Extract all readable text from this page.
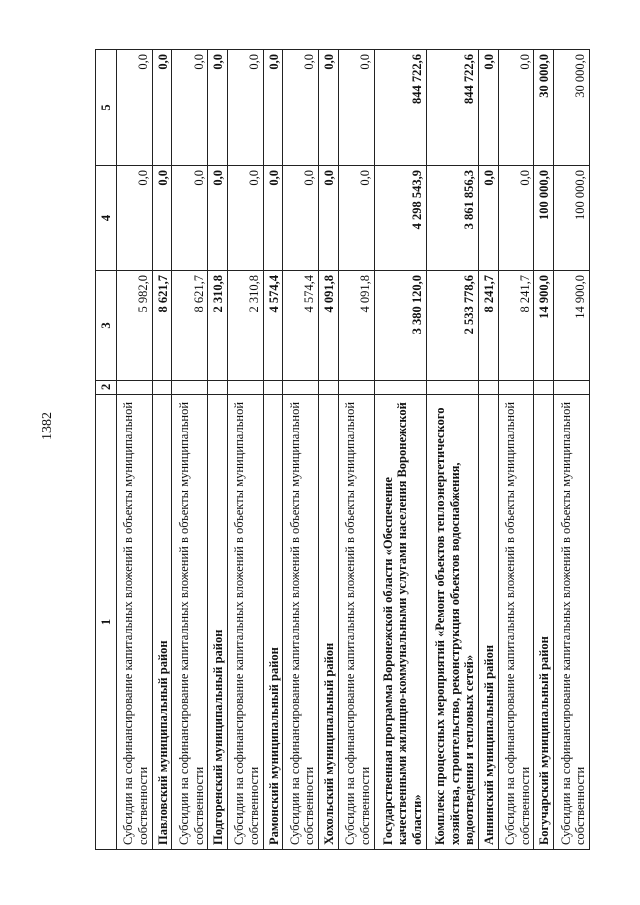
1382
1	2	3	4	5
Субсидии на софинансирование капитальных вложений в объекты муниципальной собственности		5 982,0	0,0	0,0
Павловский муниципальный район		8 621,7	0,0	0,0
Субсидии на софинансирование капитальных вложений в объекты муниципальной собственности		8 621,7	0,0	0,0
Подгоренский муниципальный район		2 310,8	0,0	0,0
Субсидии на софинансирование капитальных вложений в объекты муниципальной собственности		2 310,8	0,0	0,0
Рамонский муниципальный район		4 574,4	0,0	0,0
Субсидии на софинансирование капитальных вложений в объекты муниципальной собственности		4 574,4	0,0	0,0
Хохольский муниципальный район		4 091,8	0,0	0,0
Субсидии на софинансирование капитальных вложений в объекты муниципальной собственности		4 091,8	0,0	0,0
Государственная программа Воронежской области «Обеспечение качественными жилищно-коммунальными услугами населения Воронежской области»		3 380 120,0	4 298 543,9	844 722,6
Комплекс процессных мероприятий «Ремонт объектов теплоэнергетического хозяйства, строительство, реконструкция объектов водоснабжения, водоотведения и тепловых сетей»		2 533 778,6	3 861 856,3	844 722,6
Аннинский муниципальный район		8 241,7	0,0	0,0
Субсидии на софинансирование капитальных вложений в объекты муниципальной собственности		8 241,7	0,0	0,0
Богучарский муниципальный район		14 900,0	100 000,0	30 000,0
Субсидии на софинансирование капитальных вложений в объекты муниципальной собственности		14 900,0	100 000,0	30 000,0
